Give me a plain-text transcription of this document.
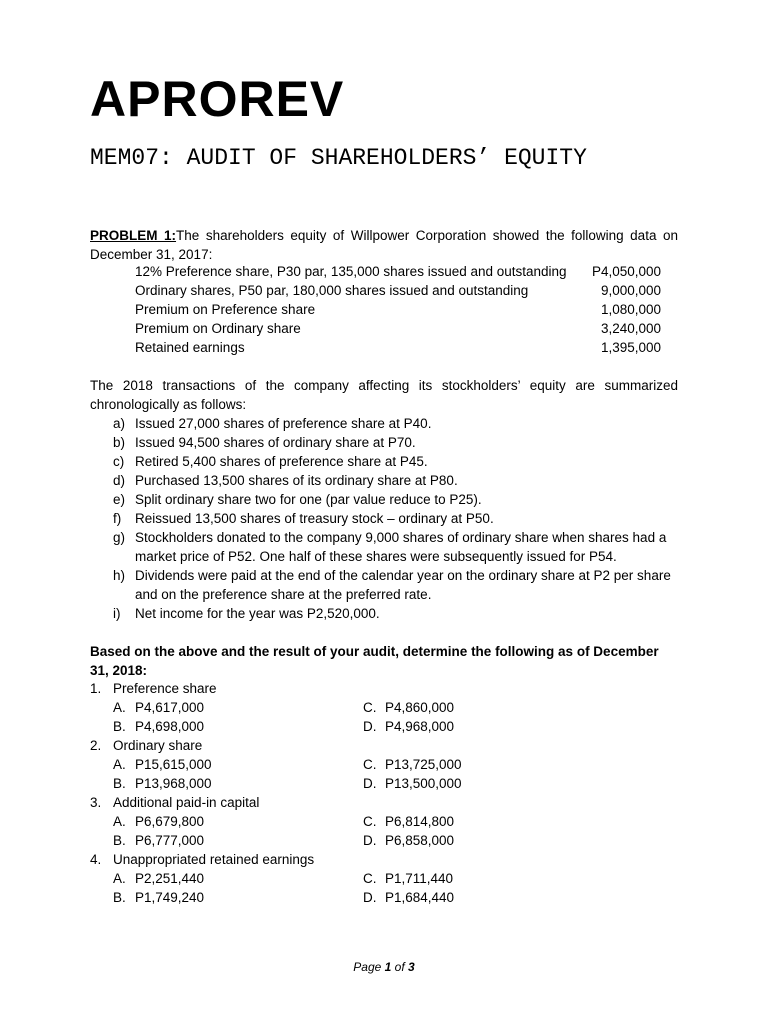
APROREV
MEM07: AUDIT OF SHAREHOLDERS’ EQUITY
PROBLEM 1:The shareholders equity of Willpower Corporation showed the following data on December 31, 2017:
12% Preference share, P30 par, 135,000 shares issued and outstanding	P4,050,000
Ordinary shares, P50 par, 180,000 shares issued and outstanding	9,000,000
Premium on Preference share	1,080,000
Premium on Ordinary share	3,240,000
Retained earnings	1,395,000
The 2018 transactions of the company affecting its stockholders’ equity are summarized chronologically as follows:
a) Issued 27,000 shares of preference share at P40.
b) Issued 94,500 shares of ordinary share at P70.
c) Retired 5,400 shares of preference share at P45.
d) Purchased 13,500 shares of its ordinary share at P80.
e) Split ordinary share two for one (par value reduce to P25).
f)	Reissued 13,500 shares of treasury stock – ordinary at P50.
g) Stockholders donated to the company 9,000 shares of ordinary share when shares had a market price of P52. One half of these shares were subsequently issued for P54.
h) Dividends were paid at the end of the calendar year on the ordinary share at P2 per share and on the preference share at the preferred rate.
i)	Net income for the year was P2,520,000.
Based on the above and the result of your audit, determine the following as of December 31, 2018:
1. Preference share
A. P4,617,000	C. P4,860,000
B. P4,698,000	D. P4,968,000
2. Ordinary share
A. P15,615,000	C. P13,725,000
B. P13,968,000	D. P13,500,000
3. Additional paid-in capital
A. P6,679,800	C. P6,814,800
B. P6,777,000	D. P6,858,000
4. Unappropriated retained earnings
A. P2,251,440	C. P1,711,440
B. P1,749,240	D. P1,684,440
Page 1 of 3
